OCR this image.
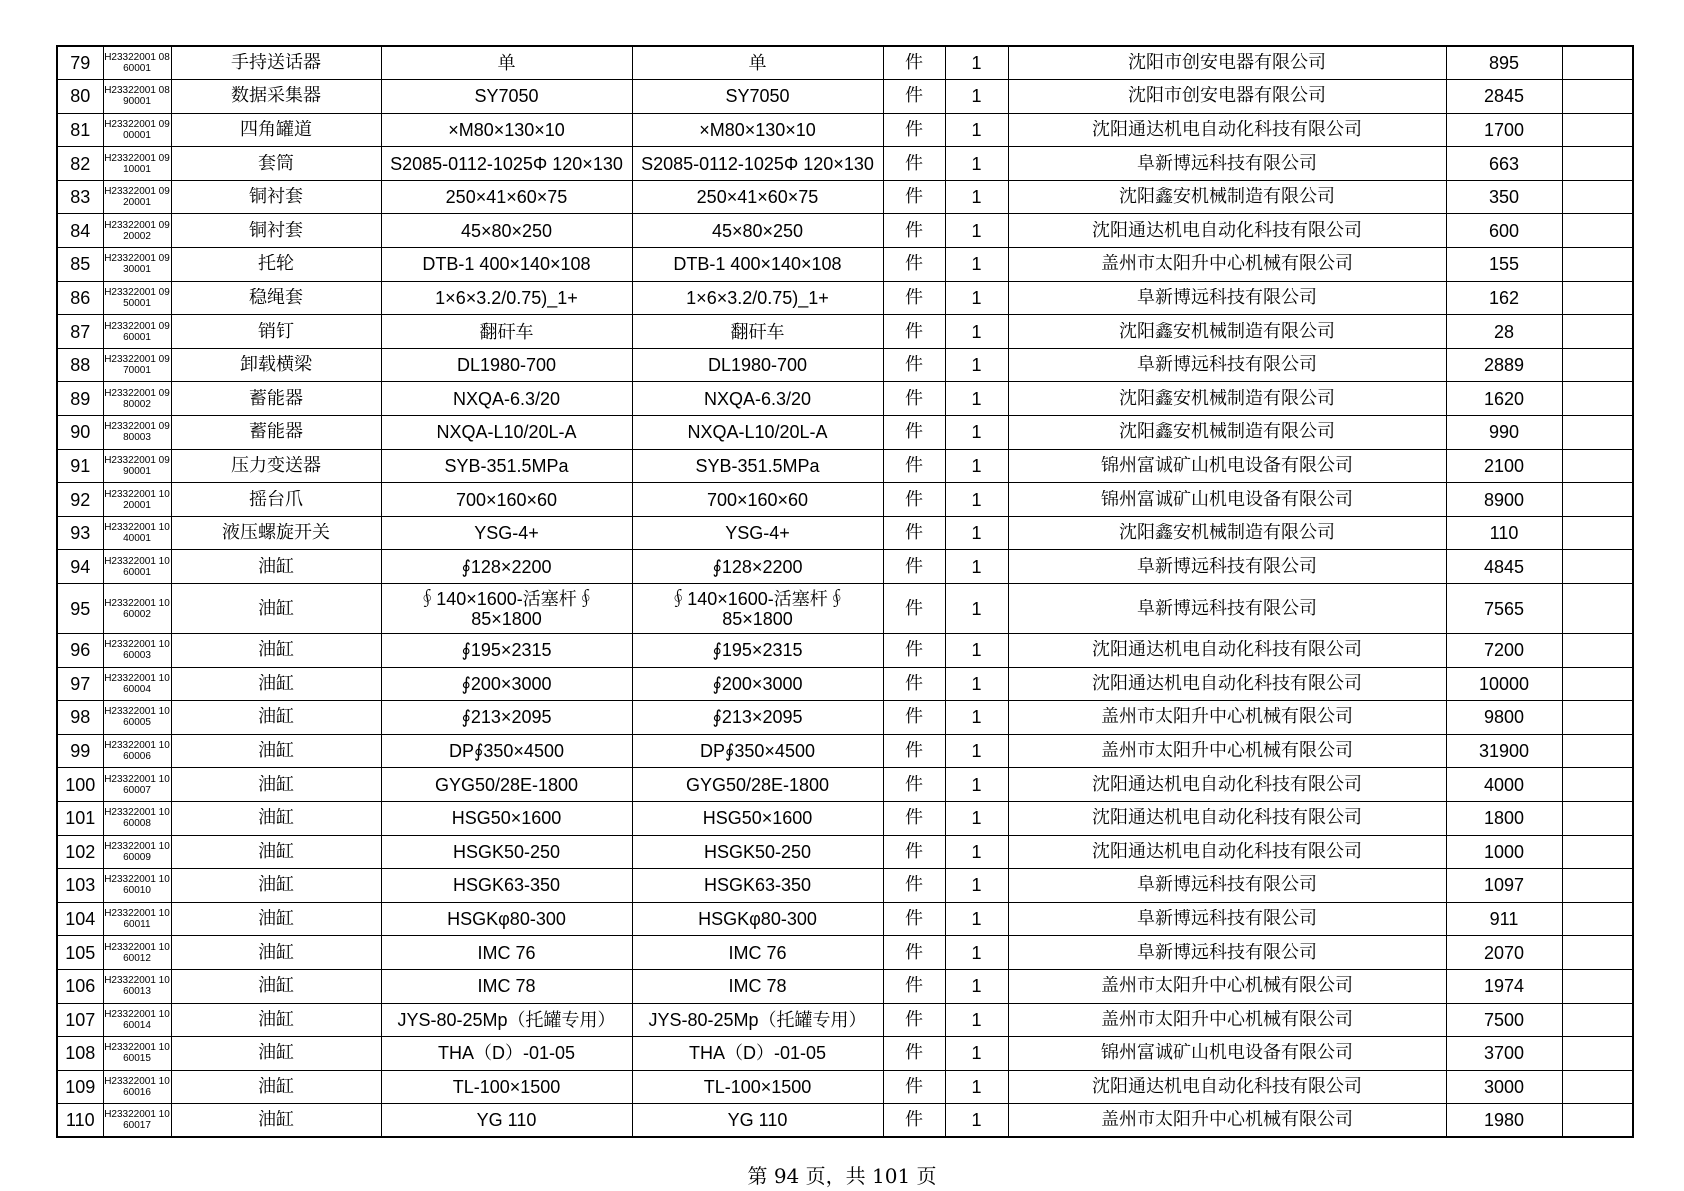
79	H23322001 0860001	手持送话器	单	单	件	1	沈阳市创安电器有限公司	895	

80	H23322001 0890001	数据采集器	SY7050	SY7050	件	1	沈阳市创安电器有限公司	2845	

81	H23322001 0900001	四角罐道	×M80×130×10	×M80×130×10	件	1	沈阳通达机电自动化科技有限公司	1700	

82	H23322001 0910001	套筒	S2085-0112-1025Φ 120×130	S2085-0112-1025Φ 120×130	件	1	阜新博远科技有限公司	663	

83	H23322001 0920001	铜衬套	250×41×60×75	250×41×60×75	件	1	沈阳鑫安机械制造有限公司	350	

84	H23322001 0920002	铜衬套	45×80×250	45×80×250	件	1	沈阳通达机电自动化科技有限公司	600	

85	H23322001 0930001	托轮	DTB-1 400×140×108	DTB-1 400×140×108	件	1	盖州市太阳升中心机械有限公司	155	

86	H23322001 0950001	稳绳套	1×6×3.2/0.75)_1+	1×6×3.2/0.75)_1+	件	1	阜新博远科技有限公司	162	

87	H23322001 0960001	销钉	翻矸车	翻矸车	件	1	沈阳鑫安机械制造有限公司	28	

88	H23322001 0970001	卸载横梁	DL1980-700	DL1980-700	件	1	阜新博远科技有限公司	2889	

89	H23322001 0980002	蓄能器	NXQA-6.3/20	NXQA-6.3/20	件	1	沈阳鑫安机械制造有限公司	1620	

90	H23322001 0980003	蓄能器	NXQA-L10/20L-A	NXQA-L10/20L-A	件	1	沈阳鑫安机械制造有限公司	990	

91	H23322001 0990001	压力变送器	SYB-351.5MPa	SYB-351.5MPa	件	1	锦州富诚矿山机电设备有限公司	2100	

92	H23322001 1020001	摇台爪	700×160×60	700×160×60	件	1	锦州富诚矿山机电设备有限公司	8900	

93	H23322001 1040001	液压螺旋开关	YSG-4+	YSG-4+	件	1	沈阳鑫安机械制造有限公司	110	

94	H23322001 1060001	油缸	∮128×2200	∮128×2200	件	1	阜新博远科技有限公司	4845	

95	H23322001 1060002	油缸	∮140×1600-活塞杆∮ 85×1800	∮140×1600-活塞杆∮ 85×1800	件	1	阜新博远科技有限公司	7565	

96	H23322001 1060003	油缸	∮195×2315	∮195×2315	件	1	沈阳通达机电自动化科技有限公司	7200	

97	H23322001 1060004	油缸	∮200×3000	∮200×3000	件	1	沈阳通达机电自动化科技有限公司	10000	

98	H23322001 1060005	油缸	∮213×2095	∮213×2095	件	1	盖州市太阳升中心机械有限公司	9800	

99	H23322001 1060006	油缸	DP∮350×4500	DP∮350×4500	件	1	盖州市太阳升中心机械有限公司	31900	

100	H23322001 1060007	油缸	GYG50/28E-1800	GYG50/28E-1800	件	1	沈阳通达机电自动化科技有限公司	4000	

101	H23322001 1060008	油缸	HSG50×1600	HSG50×1600	件	1	沈阳通达机电自动化科技有限公司	1800	

102	H23322001 1060009	油缸	HSGK50-250	HSGK50-250	件	1	沈阳通达机电自动化科技有限公司	1000	

103	H23322001 1060010	油缸	HSGK63-350	HSGK63-350	件	1	阜新博远科技有限公司	1097	

104	H23322001 1060011	油缸	HSGKφ80-300	HSGKφ80-300	件	1	阜新博远科技有限公司	911	

105	H23322001 1060012	油缸	IMC 76	IMC 76	件	1	阜新博远科技有限公司	2070	

106	H23322001 1060013	油缸	IMC 78	IMC 78	件	1	盖州市太阳升中心机械有限公司	1974	

107	H23322001 1060014	油缸	JYS-80-25Mp（托罐专用）	JYS-80-25Mp（托罐专用）	件	1	盖州市太阳升中心机械有限公司	7500	

108	H23322001 1060015	油缸	THA（D）-01-05	THA（D）-01-05	件	1	锦州富诚矿山机电设备有限公司	3700	

109	H23322001 1060016	油缸	TL-100×1500	TL-100×1500	件	1	沈阳通达机电自动化科技有限公司	3000	

110	H23322001 1060017	油缸	YG 110	YG 110	件	1	盖州市太阳升中心机械有限公司	1980	

第 94 页，共 101 页
